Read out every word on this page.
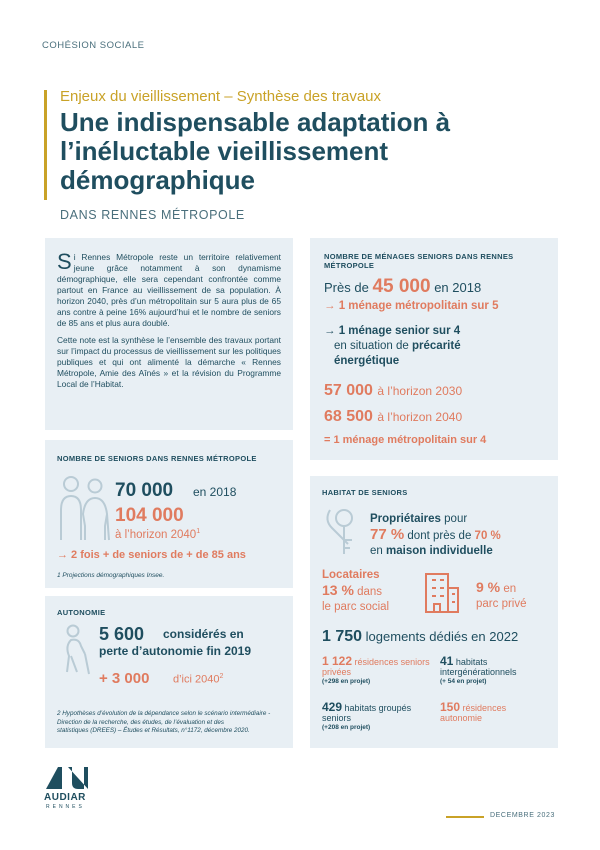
COHÉSION SOCIALE
Enjeux du vieillissement – Synthèse des travaux
Une indispensable adaptation à l’inéluctable vieillissement démographique
DANS RENNES MÉTROPOLE

Si Rennes Métropole reste un territoire relativement jeune grâce notamment à son dynamisme démographique, elle sera cependant confrontée comme partout en France au vieillissement de sa population. À horizon 2040, près d’un métropolitain sur 5 aura plus de 65 ans contre à peine 16% aujourd’hui et le nombre de seniors de 85 ans et plus aura doublé.

Cette note est la synthèse le l’ensemble des travaux portant sur l’impact du processus de vieillissement sur les politiques publiques et qui ont alimenté la démarche « Rennes Métropole, Amie des Aînés » et la révision du Programme Local de l’Habitat.

NOMBRE DE SENIORS DANS RENNES MÉTROPOLE
70 000 en 2018
104 000
à l’horizon $2040^1$
→ 2 fois + de seniors de + de 85 ans
1 Projections démographiques Insee.
AUTONOMIE
5 600 considérés en
perte d’autonomie fin 2019
+ 3 000 d’ici 2040$^2$
2 Hypothèses d’évolution de la dépendance selon le scénario intermédiaire - Direction de la recherche, des études, de l’évaluation et des
statistiques (DREES) – Études et Résultats, n°1172, décembre 2020.
NOMBRE DE MÉNAGES SENIORS DANS RENNES MÉTROPOLE
Près de 45 000 en 2018
→ 1 ménage métropolitain sur 5
→ 1 ménage senior sur 4
en situation de précarité
énergétique
57 000 à l’horizon 2030
68 500 à l’horizon 2040
= 1 ménage métropolitain sur 4
HABITAT DE SENIORS
Propriétaires pour
77 % dont près de 70 %
en maison individuelle
Locataires
13 % dans
le parc social
9 % en
parc privé
1 750 logements dédiés en 2022
1 122 résidences seniors privées
(+298 en projet)
41 habitats intergénérationnels
(+ 54 en projet)
429 habitats groupés seniors
(+208 en projet)
150 résidences autonomie
AUDIAR
RENNES
DECEMBRE 2023
